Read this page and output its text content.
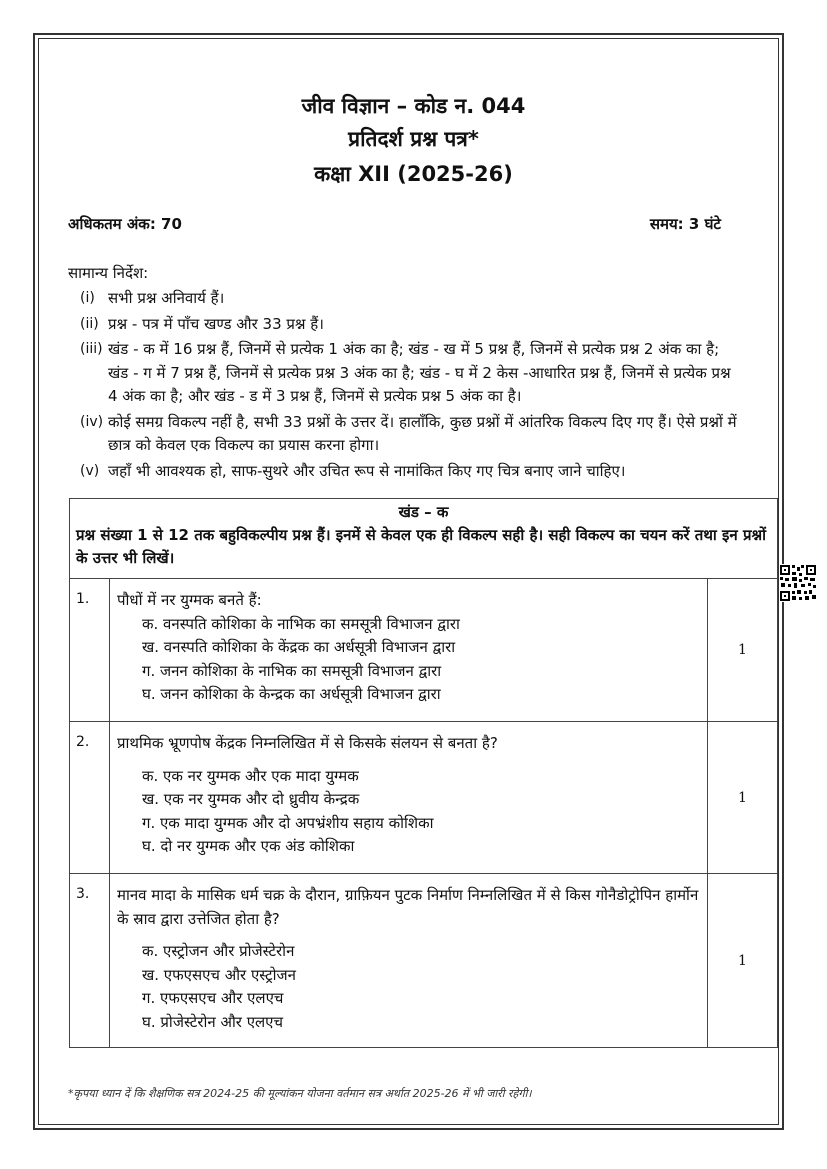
जीव विज्ञान – कोड न. 044
प्रतिदर्श प्रश्न पत्र*
कक्षा XII (2025-26)
अधिकतम अंक: 70	समय: 3 घंटे
सामान्य निर्देश:
(i) सभी प्रश्न अनिवार्य हैं।
(ii) प्रश्न - पत्र में पाँच खण्ड और 33 प्रश्न हैं।
(iii) खंड - क में 16 प्रश्न हैं, जिनमें से प्रत्येक 1 अंक का है; खंड - ख में 5 प्रश्न हैं, जिनमें से प्रत्येक प्रश्न 2 अंक का है; खंड - ग में 7 प्रश्न हैं, जिनमें से प्रत्येक प्रश्न 3 अंक का है; खंड - घ में 2 केस -आधारित प्रश्न हैं, जिनमें से प्रत्येक प्रश्न 4 अंक का है; और खंड - ड में 3 प्रश्न हैं, जिनमें से प्रत्येक प्रश्न 5 अंक का है।
(iv) कोई समग्र विकल्प नहीं है, सभी 33 प्रश्नों के उत्तर दें। हालाँकि, कुछ प्रश्नों में आंतरिक विकल्प दिए गए हैं। ऐसे प्रश्नों में छात्र को केवल एक विकल्प का प्रयास करना होगा।
(v) जहाँ भी आवश्यक हो, साफ-सुथरे और उचित रूप से नामांकित किए गए चित्र बनाए जाने चाहिए।
खंड – क
प्रश्न संख्या 1 से 12 तक बहुविकल्पीय प्रश्न हैं। इनमें से केवल एक ही विकल्प सही है। सही विकल्प का चयन करें तथा इन प्रश्नों के उत्तर भी लिखें।
1.	पौधों में नर युग्मक बनते हैं:
क. वनस्पति कोशिका के नाभिक का समसूत्री विभाजन द्वारा
ख. वनस्पति कोशिका के केंद्रक का अर्धसूत्री विभाजन द्वारा
ग. जनन कोशिका के नाभिक का समसूत्री विभाजन द्वारा
घ. जनन कोशिका के केन्द्रक का अर्धसूत्री विभाजन द्वारा
1
2.	प्राथमिक भ्रूणपोष केंद्रक निम्नलिखित में से किसके संलयन से बनता है?
क. एक नर युग्मक और एक मादा युग्मक
ख. एक नर युग्मक और दो ध्रुवीय केन्द्रक
ग. एक मादा युग्मक और दो अपभ्रंशीय सहाय कोशिका
घ. दो नर युग्मक और एक अंड कोशिका
1
3.	मानव मादा के मासिक धर्म चक्र के दौरान, ग्राफ़ियन पुटक निर्माण निम्नलिखित में से किस गोनैडोट्रोपिन हार्मोन के स्राव द्वारा उत्तेजित होता है?
क. एस्ट्रोजन और प्रोजेस्टेरोन
ख. एफएसएच और एस्ट्रोजन
ग. एफएसएच और एलएच
घ. प्रोजेस्टेरोन और एलएच
1
*कृपया ध्यान दें कि शैक्षणिक सत्र 2024-25 की मूल्यांकन योजना वर्तमान सत्र अर्थात 2025-26 में भी जारी रहेगी।
